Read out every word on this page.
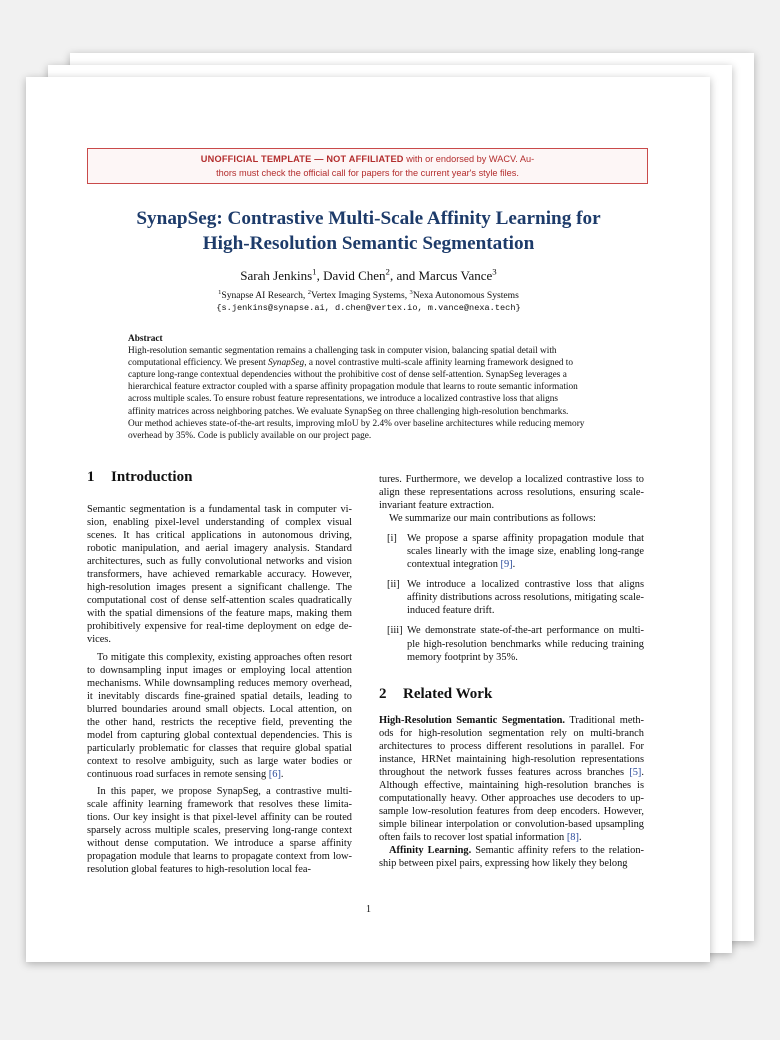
UNOFFICIAL TEMPLATE — NOT AFFILIATED with or endorsed by WACV. Au-
thors must check the official call for papers for the current year's style files.
SynapSeg: Contrastive Multi-Scale Affinity Learning for
High-Resolution Semantic Segmentation
Sarah Jenkins$^1$, David Chen$^2$, and Marcus Vance$^3$
$^1$Synapse AI Research, $^2$Vertex Imaging Systems, $^3$Nexa Autonomous Systems
{s.jenkins@synapse.ai, d.chen@vertex.io, m.vance@nexa.tech}
Abstract
High-resolution semantic segmentation remains a challenging task in computer vision, balancing spatial detail with
computational efficiency. We present SynapSeg, a novel contrastive multi-scale affinity learning framework designed to
capture long-range contextual dependencies without the prohibitive cost of dense self-attention. SynapSeg leverages a
hierarchical feature extractor coupled with a sparse affinity propagation module that learns to route semantic information
across multiple scales. To ensure robust feature representations, we introduce a localized contrastive loss that aligns
affinity matrices across neighboring patches. We evaluate SynapSeg on three challenging high-resolution benchmarks.
Our method achieves state-of-the-art results, improving mIoU by 2.4% over baseline architectures while reducing memory
overhead by 35%. Code is publicly available on our project page.
1 Introduction

Semantic segmentation is a fundamental task in computer vi- sion, enabling pixel-level understanding of complex visual scenes. It has critical applications in autonomous driving, robotic manipulation, and aerial imagery analysis. Standard architectures, such as fully convolutional networks and vision transformers, have achieved remarkable accuracy. However, high-resolution images present a significant challenge. The computational cost of dense self-attention scales quadratically with the spatial dimensions of the feature maps, making them prohibitively expensive for real-time deployment on edge de-vices.

To mitigate this complexity, existing approaches often resort to downsampling input images or employing local attention mechanisms. While downsampling reduces memory overhead, it inevitably discards fine-grained spatial details, leading to blurred boundaries around small objects. Local attention, on the other hand, restricts the receptive field, preventing the model from capturing global contextual dependencies. This is particularly problematic for classes that require global spatial context to resolve ambiguity, such as large water bodies or continuous road surfaces in remote sensing [6].

In this paper, we propose SynapSeg, a contrastive multi-scale affinity learning framework that resolves these limita- tions. Our key insight is that pixel-level affinity can be routed sparsely across multiple scales, preserving long-range context without dense computation. We introduce a sparse affinity propagation module that learns to propagate context from low-resolution global features to high-resolution local fea-

tures. Furthermore, we develop a localized contrastive loss to align these representations across resolutions, ensuring scale-invariant feature extraction.

We summarize our main contributions as follows:

[i] We propose a sparse affinity propagation module that scales linearly with the image size, enabling long-range contextual integration [9].
[ii] We introduce a localized contrastive loss that aligns affinity distributions across resolutions, mitigating scale-induced feature drift.
[iii] We demonstrate state-of-the-art performance on multi-ple high-resolution benchmarks while reducing training memory footprint by 35%.
2 Related Work

High-Resolution Semantic Segmentation. Traditional meth-ods for high-resolution segmentation rely on multi-branch architectures to process different resolutions in parallel. For instance, HRNet maintaining high-resolution representations throughout the network fusses features across branches [5]. Although effective, maintaining high-resolution branches is computationally heavy. Other approaches use decoders to up-sample low-resolution features from deep encoders. However, simple bilinear interpolation or convolution-based upsampling often fails to recover lost spatial information [8].

Affinity Learning. Semantic affinity refers to the relation- ship between pixel pairs, expressing how likely they belong

1
